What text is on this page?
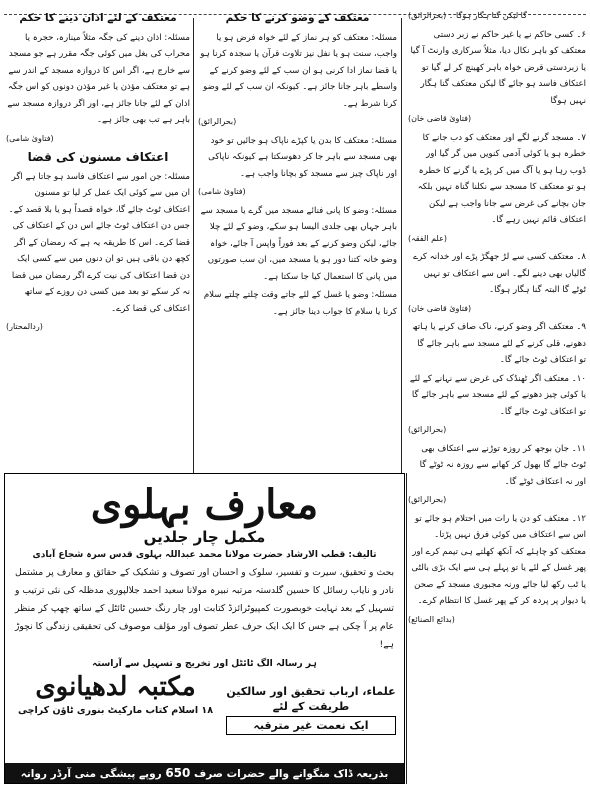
گا لیکن گنا ہگار ہوگا ۔ (بحرالرائق)

۶۔ کسی حاکم نے یا غیر حاکم نے زبر دستی معتکف کو باہر نکال دیا، مثلاً سرکاری وارنٹ آ گیا یا زبردستی قرض خواہ باہر کھینچ کر لے گیا تو اعتکاف فاسد ہو جائے گا لیکن معتکف گنا ہگار نہیں ہوگا

(فتاویٰ قاضی خان)

۷۔ مسجد گرنے لگے اور معتکف کو دب جانے کا خطرہ ہو یا کوئی آدمی کنویں میں گر گیا اور ڈوب رہا ہو یا آگ میں کر پڑے یا گرنے کا خطرہ ہو تو معتکف کا مسجد سے نکلنا گناہ نہیں بلکہ جان بچانے کی غرض سے جانا واجب ہے لیکن اعتکاف قائم نہیں رہے گا۔

(علم الفقہ)

۸۔ معتکف کسی سے لڑ جھگڑ پڑے اور خدانہ کرے گالیاں بھی دینے لگے۔ اس سے اعتکاف تو نہیں ٹوٹے گا البتہ گنا ہگار ہوگا۔

(فتاویٰ قاضی خان)

۹۔ معتکف اگر وضو کرنے، ناک صاف کرنے یا ہاتھ دھونے، قلی کرنے کے لئے مسجد سے باہر جائے گا تو اعتکاف ٹوٹ جائے گا۔

۱۰۔ معتکف اگر ٹھنڈک کی غرض سے نہانے کے لئے یا کوئی چیز دھونے کے لئے مسجد سے باہر جائے گا تو اعتکاف ٹوٹ جائے گا۔

(بحرالرائق)

۱۱۔ جان بوجھ کر روزہ توڑنے سے اعتکاف بھی ٹوٹ جائے گا بھول کر کھانے سے روزہ نہ ٹوٹے گا اور نہ اعتکاف ٹوٹے گا۔

(بحرالرائق)

۱۲۔ معتکف کو دن یا رات میں احتلام ہو جائے تو اس سے اعتکاف میں کوئی فرق نہیں پڑتا۔ معتکف کو چاہئے کہ آنکھ کھلتے ہی تیمم کرے اور پھر غسل کے لئے یا تو پہلے ہی سے ایک بڑی بالٹی یا ٹب رکھ لیا جائے ورنہ مجبوری مسجد کے صحن یا دیوار پر پردہ کر کے پھر غسل کا انتظام کرے۔

(بدائع الصنائع)

معتکف کے وضو کرنے کا حکم

مسئلہ: معتکف کو ہر نماز کے لئے خواہ فرض ہو یا واجب، سنت ہو یا نفل نیز تلاوت قرآن یا سجدہ کرنا ہو یا قضا نماز ادا کرنی ہو ان سب کے لئے وضو کرنے کے واسطے باہر جانا جائز ہے۔ کیونکہ ان سب کے لئے وضو کرنا شرط ہے۔

(بحرالرائق)

مسئلہ: معتکف کا بدن یا کپڑے ناپاک ہو جائیں تو خود بھی مسجد سے باہر جا کر دھوسکتا ہے کیونکہ ناپاکی اور ناپاک چیز سے مسجد کو بچانا واجب ہے۔

(فتاویٰ شامی)

مسئلہ: وضو کا پانی فنائے مسجد میں گرے یا مسجد سے باہر جہاں بھی جلدی الیسا ہو سکے، وضو کے لئے چلا جائے، لیکن وضو کرنے کے بعد فوراً واپس آ جائے، خواہ وضو خانہ کتنا دور ہو یا مسجد میں، ان سب صورتوں میں پانی کا استعمال کیا جا سکتا ہے۔

مسئلہ: وضو یا غسل کے لئے جاتے وقت چلتے چلتے سلام کرنا یا سلام کا جواب دینا جائز ہے۔

معتکف کے لئے اذان دینے کا حکم

مسئلہ: اذان دینے کی جگہ مثلاً مینارہ، حجرہ یا محراب کی بغل میں کوئی جگہ مقرر ہے جو مسجد سے خارج ہے، اگر اس کا دروازہ مسجد کے اندر سے ہے تو معتکف مؤذن یا غیر مؤذن دونوں کو اس جگہ اذان کے لئے جانا جائز ہے، اور اگر دروازہ مسجد سے باہر ہے تب بھی جائز ہے۔

(فتاویٰ شامی)

اعتکاف مسنون کی قضا

مسئلہ: جن امور سے اعتکاف فاسد ہو جاتا ہے اگر ان میں سے کوئی ایک عمل کر لیا تو مسنون اعتکاف ٹوٹ جائے گا، خواہ قصداً ہو یا بلا قصد کے۔ جس دن اعتکاف ٹوٹ جائے اس دن کے اعتکاف کی قضا کرے۔ اس کا طریقہ یہ ہے کہ رمضان کے اگر کچھ دن باقی ہیں تو ان دنوں میں سے کسی ایک دن قضا اعتکاف کی نیت کرے اگر رمضان میں قضا نہ کر سکے تو بعد میں کسی دن روزے کے ساتھ اعتکاف کی قضا کرے۔

(ردالمحتار)

معارف بہلوی
مکمل چار جلدیں
تالیف: قطب الارشاد حضرت مولانا محمد عبداللہ بہلوی قدس سرہ شجاع آبادی
بحث و تحقیق، سیرت و تفسیر، سلوک و احسان اور تصوف و تشکیک کے حقائق و معارف پر مشتمل نادر و نایاب رسائل کا حسین گلدستہ مرتبہ نبیرہ مولانا سعید احمد جلالپوری مدظلہ کی نئی ترتیب و تسہیل کے بعد نہایت خوبصورت کمپیوٹرائزڈ کتابت اور چار رنگ حسین ٹائٹل کے ساتھ چھپ کر منظر عام پر آ چکی ہے جس کا ایک ایک حرف عطر تصوف اور مؤلف موصوف کی تحقیقی زندگی کا نچوڑ ہے!
ہر رسالہ الگ ٹائٹل اور تخریج و تسہیل سے آراستہ
علماء، ارباب تحقیق اور سالکین طریقت کے لئے
ایک نعمت غیر مترقبہ
مکتبہ لدھیانوی
۱۸ اسلام کتاب مارکیٹ بنوری ٹاؤن کراچی
بذریعہ ڈاک منگوانے والے حضرات صرف 650 روپے پیشگی منی آرڈر روانہ فرمائیں
